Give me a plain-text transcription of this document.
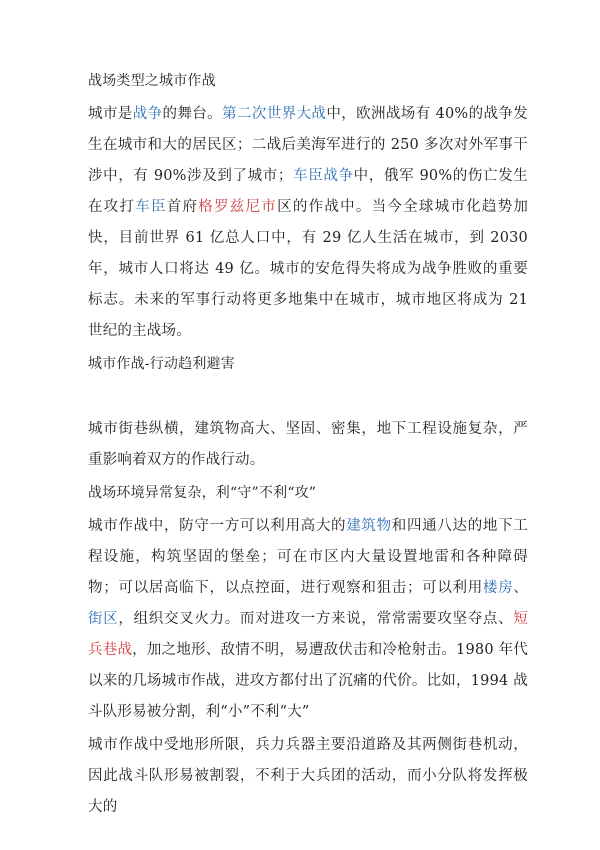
战场类型之城市作战

城市是战争的舞台。第二次世界大战中，欧洲战场有 40%的战争发生在城市和大的居民区；二战后美海军进行的 250 多次对外军事干涉中，有 90%涉及到了城市；车臣战争中，俄军 90%的伤亡发生在攻打车臣首府格罗兹尼市区的作战中。当今全球城市化趋势加快，目前世界 61 亿总人口中，有 29 亿人生活在城市，到 2030 年，城市人口将达 49 亿。城市的安危得失将成为战争胜败的重要标志。未来的军事行动将更多地集中在城市，城市地区将成为 21 世纪的主战场。

城市作战-行动趋利避害

城市街巷纵横，建筑物高大、坚固、密集，地下工程设施复杂，严重影响着双方的作战行动。

战场环境异常复杂，利“守”不利“攻”

城市作战中，防守一方可以利用高大的建筑物和四通八达的地下工程设施，构筑坚固的堡垒；可在市区内大量设置地雷和各种障碍物；可以居高临下，以点控面，进行观察和狙击；可以利用楼房、街区，组织交叉火力。而对进攻一方来说，常常需要攻坚夺点、短兵巷战，加之地形、敌情不明，易遭敌伏击和冷枪射击。1980 年代以来的几场城市作战，进攻方都付出了沉痛的代价。比如，1994 战斗队形易被分割，利“小”不利“大”

城市作战中受地形所限，兵力兵器主要沿道路及其两侧街巷机动，因此战斗队形易被割裂，不利于大兵团的活动，而小分队将发挥极大的
